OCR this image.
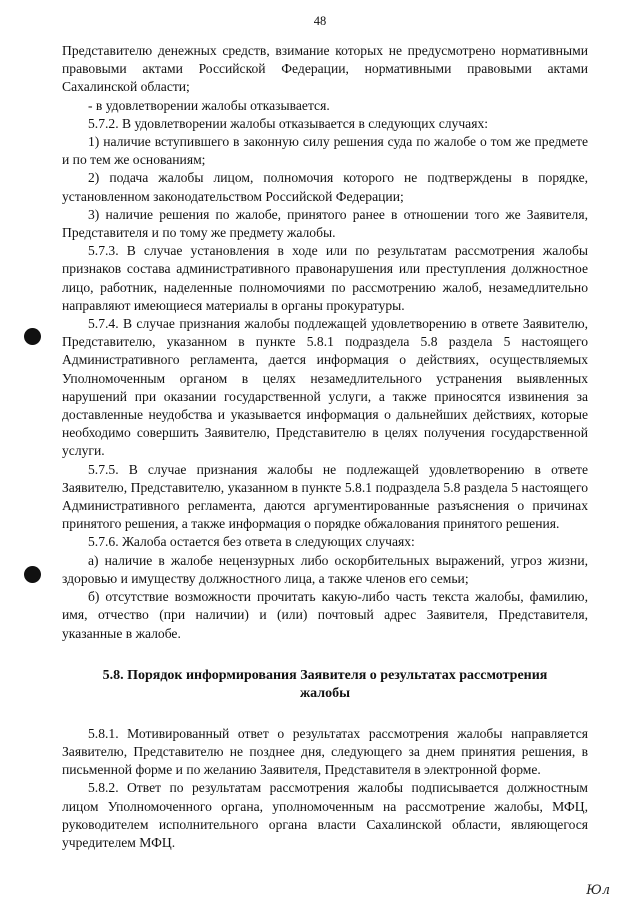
48

Представителю денежных средств, взимание которых не предусмотрено нормативными правовыми актами Российской Федерации, нормативными правовыми актами Сахалинской области;

- в удовлетворении жалобы отказывается.

5.7.2. В удовлетворении жалобы отказывается в следующих случаях:

1) наличие вступившего в законную силу решения суда по жалобе о том же предмете и по тем же основаниям;

2) подача жалобы лицом, полномочия которого не подтверждены в порядке, установленном законодательством Российской Федерации;

3) наличие решения по жалобе, принятого ранее в отношении того же Заявителя, Представителя и по тому же предмету жалобы.

5.7.3. В случае установления в ходе или по результатам рассмотрения жалобы признаков состава административного правонарушения или преступления должностное лицо, работник, наделенные полномочиями по рассмотрению жалоб, незамедлительно направляют имеющиеся материалы в органы прокуратуры.

5.7.4. В случае признания жалобы подлежащей удовлетворению в ответе Заявителю, Представителю, указанном в пункте 5.8.1 подраздела 5.8 раздела 5 настоящего Административного регламента, дается информация о действиях, осуществляемых Уполномоченным органом в целях незамедлительного устранения выявленных нарушений при оказании государственной услуги, а также приносятся извинения за доставленные неудобства и указывается информация о дальнейших действиях, которые необходимо совершить Заявителю, Представителю в целях получения государственной услуги.

5.7.5. В случае признания жалобы не подлежащей удовлетворению в ответе Заявителю, Представителю, указанном в пункте 5.8.1 подраздела 5.8 раздела 5 настоящего Административного регламента, даются аргументированные разъяснения о причинах принятого решения, а также информация о порядке обжалования принятого решения.

5.7.6. Жалоба остается без ответа в следующих случаях:

а) наличие в жалобе нецензурных либо оскорбительных выражений, угроз жизни, здоровью и имуществу должностного лица, а также членов его семьи;

б) отсутствие возможности прочитать какую-либо часть текста жалобы, фамилию, имя, отчество (при наличии) и (или) почтовый адрес Заявителя, Представителя, указанные в жалобе.

5.8. Порядок информирования Заявителя о результатах рассмотрения жалобы

5.8.1. Мотивированный ответ о результатах рассмотрения жалобы направляется Заявителю, Представителю не позднее дня, следующего за днем принятия решения, в письменной форме и по желанию Заявителя, Представителя в электронной форме.

5.8.2. Ответ по результатам рассмотрения жалобы подписывается должностным лицом Уполномоченного органа, уполномоченным на рассмотрение жалобы, МФЦ, руководителем исполнительного органа власти Сахалинской области, являющегося учредителем МФЦ.

Юл
